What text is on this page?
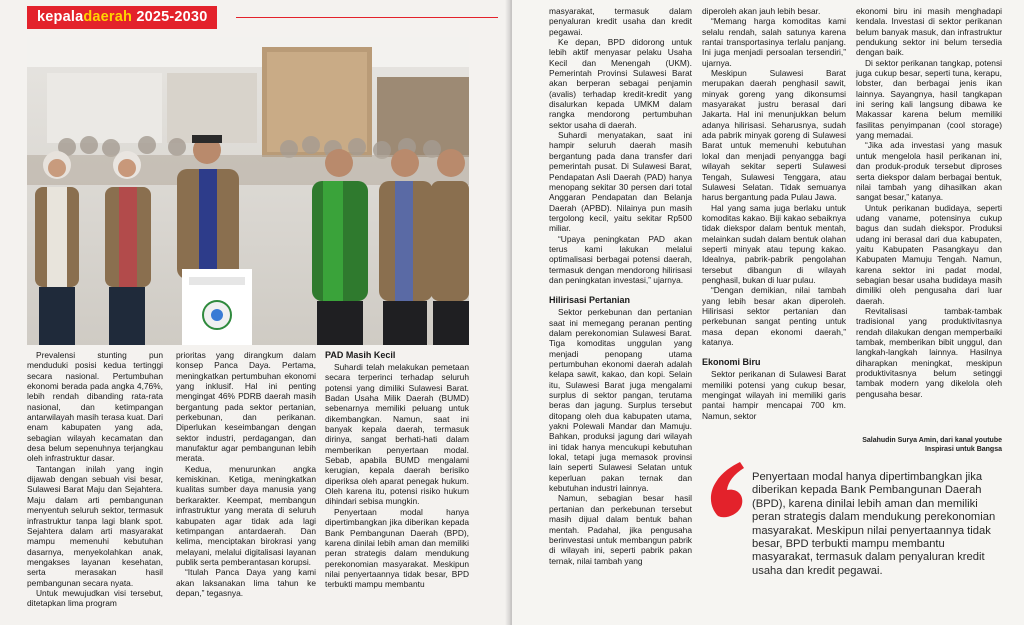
kepaladaerah 2025-2030

Prevalensi stunting pun menduduki posisi kedua tertinggi secara nasional. Pertumbuhan ekonomi berada pada angka 4,76%, lebih rendah dibanding rata-rata nasional, dan ketimpangan antarwilayah masih terasa kuat. Dari enam kabupaten yang ada, sebagian wilayah kecamatan dan desa belum sepenuhnya terjangkau oleh infrastruktur dasar.

Tantangan inilah yang ingin dijawab dengan sebuah visi besar, Sulawesi Barat Maju dan Sejahtera. Maju dalam arti pembangunan menyentuh seluruh sektor, termasuk infrastruktur tanpa lagi blank spot. Sejahtera dalam arti masyarakat mampu memenuhi kebutuhan dasarnya, menyekolahkan anak, mengakses layanan kesehatan, serta merasakan hasil pembangunan secara nyata.

Untuk mewujudkan visi tersebut, ditetapkan lima program

prioritas yang dirangkum dalam konsep Panca Daya. Pertama, meningkatkan pertumbuhan ekonomi yang inklusif. Hal ini penting mengingat 46% PDRB daerah masih bergantung pada sektor pertanian, perkebunan, dan perikanan. Diperlukan keseimbangan dengan sektor industri, perdagangan, dan manufaktur agar pembangunan lebih merata.

Kedua, menurunkan angka kemiskinan. Ketiga, meningkatkan kualitas sumber daya manusia yang berkarakter. Keempat, membangun infrastruktur yang merata di seluruh kabupaten agar tidak ada lagi ketimpangan antardaerah. Dan kelima, menciptakan birokrasi yang melayani, melalui digitalisasi layanan publik serta pemberantasan korupsi.

“Itulah Panca Daya yang kami akan laksanakan lima tahun ke depan,” tegasnya.

PAD Masih Kecil

Suhardi telah melakukan pemetaan secara terperinci terhadap seluruh potensi yang dimiliki Sulawesi Barat. Badan Usaha Milik Daerah (BUMD) sebenarnya memiliki peluang untuk dikembangkan. Namun, saat ini banyak kepala daerah, termasuk dirinya, sangat berhati-hati dalam memberikan penyertaan modal. Sebab, apabila BUMD mengalami kerugian, kepala daerah berisiko diperiksa oleh aparat penegak hukum. Oleh karena itu, potensi risiko hukum dihindari sebisa mungkin.

Penyertaan modal hanya dipertimbangkan jika diberikan kepada Bank Pembangunan Daerah (BPD), karena dinilai lebih aman dan memiliki peran strategis dalam mendukung perekonomian masyarakat. Meskipun nilai penyertaannya tidak besar, BPD terbukti mampu membantu

masyarakat, termasuk dalam penyaluran kredit usaha dan kredit pegawai.

Ke depan, BPD didorong untuk lebih aktif menyasar pelaku Usaha Kecil dan Menengah (UKM). Pemerintah Provinsi Sulawesi Barat akan berperan sebagai penjamin (avalis) terhadap kredit-kredit yang disalurkan kepada UMKM dalam rangka mendorong pertumbuhan sektor usaha di daerah.

Suhardi menyatakan, saat ini hampir seluruh daerah masih bergantung pada dana transfer dari pemerintah pusat. Di Sulawesi Barat, Pendapatan Asli Daerah (PAD) hanya menopang sekitar 30 persen dari total Anggaran Pendapatan dan Belanja Daerah (APBD). Nilainya pun masih tergolong kecil, yaitu sekitar Rp500 miliar.

“Upaya peningkatan PAD akan terus kami lakukan melalui optimalisasi berbagai potensi daerah, termasuk dengan mendorong hilirisasi dan peningkatan investasi,” ujarnya.

Hilirisasi Pertanian

Sektor perkebunan dan pertanian saat ini memegang peranan penting dalam perekonomian Sulawesi Barat. Tiga komoditas unggulan yang menjadi penopang utama pertumbuhan ekonomi daerah adalah kelapa sawit, kakao, dan kopi. Selain itu, Sulawesi Barat juga mengalami surplus di sektor pangan, terutama beras dan jagung. Surplus tersebut ditopang oleh dua kabupaten utama, yakni Polewali Mandar dan Mamuju. Bahkan, produksi jagung dari wilayah ini tidak hanya mencukupi kebutuhan lokal, tetapi juga memasok provinsi lain seperti Sulawesi Selatan untuk keperluan pakan ternak dan kebutuhan industri lainnya.

Namun, sebagian besar hasil pertanian dan perkebunan tersebut masih dijual dalam bentuk bahan mentah. Padahal, jika pengusaha berinvestasi untuk membangun pabrik di wilayah ini, seperti pabrik pakan ternak, nilai tambah yang

diperoleh akan jauh lebih besar.

“Memang harga komoditas kami selalu rendah, salah satunya karena rantai transportasinya terlalu panjang. Ini juga menjadi persoalan tersendiri,” ujarnya.

Meskipun Sulawesi Barat merupakan daerah penghasil sawit, minyak goreng yang dikonsumsi masyarakat justru berasal dari Jakarta. Hal ini menunjukkan belum adanya hilirisasi. Seharusnya, sudah ada pabrik minyak goreng di Sulawesi Barat untuk memenuhi kebutuhan lokal dan menjadi penyangga bagi wilayah sekitar seperti Sulawesi Tengah, Sulawesi Tenggara, atau Sulawesi Selatan. Tidak semuanya harus bergantung pada Pulau Jawa.

Hal yang sama juga berlaku untuk komoditas kakao. Biji kakao sebaiknya tidak diekspor dalam bentuk mentah, melainkan sudah dalam bentuk olahan seperti minyak atau tepung kakao. Idealnya, pabrik-pabrik pengolahan tersebut dibangun di wilayah penghasil, bukan di luar pulau.

“Dengan demikian, nilai tambah yang lebih besar akan diperoleh. Hilirisasi sektor pertanian dan perkebunan sangat penting untuk masa depan ekonomi daerah,” katanya.

Ekonomi Biru

Sektor perikanan di Sulawesi Barat memiliki potensi yang cukup besar, mengingat wilayah ini memiliki garis pantai hampir mencapai 700 km. Namun, sektor

ekonomi biru ini masih menghadapi kendala. Investasi di sektor perikanan belum banyak masuk, dan infrastruktur pendukung sektor ini belum tersedia dengan baik.

Di sektor perikanan tangkap, potensi juga cukup besar, seperti tuna, kerapu, lobster, dan berbagai jenis ikan lainnya. Sayangnya, hasil tangkapan ini sering kali langsung dibawa ke Makassar karena belum memiliki fasilitas penyimpanan (cool storage) yang memadai.

“Jika ada investasi yang masuk untuk mengelola hasil perikanan ini, dan produk-produk tersebut diproses serta diekspor dalam berbagai bentuk, nilai tambah yang dihasilkan akan sangat besar,” katanya.

Untuk perikanan budidaya, seperti udang vaname, potensinya cukup bagus dan sudah diekspor. Produksi udang ini berasal dari dua kabupaten, yaitu Kabupaten Pasangkayu dan Kabupaten Mamuju Tengah. Namun, karena sektor ini padat modal, sebagian besar usaha budidaya masih dimiliki oleh pengusaha dari luar daerah.

Revitalisasi tambak-tambak tradisional yang produktivitasnya rendah dilakukan dengan memperbaiki tambak, memberikan bibit unggul, dan langkah-langkah lainnya. Hasilnya diharapkan meningkat, meskipun produktivitasnya belum setinggi tambak modern yang dikelola oleh pengusaha besar.

Salahudin Surya Amin, dari kanal youtube
Inspirasi untuk Bangsa
Penyertaan modal hanya dipertimbangkan jika diberikan kepada Bank Pembangunan Daerah (BPD), karena dinilai lebih aman dan memiliki peran strategis dalam mendukung perekonomian masyarakat. Meskipun nilai penyertaannya tidak besar, BPD terbukti mampu membantu masyarakat, termasuk dalam penyaluran kredit usaha dan kredit pegawai.
